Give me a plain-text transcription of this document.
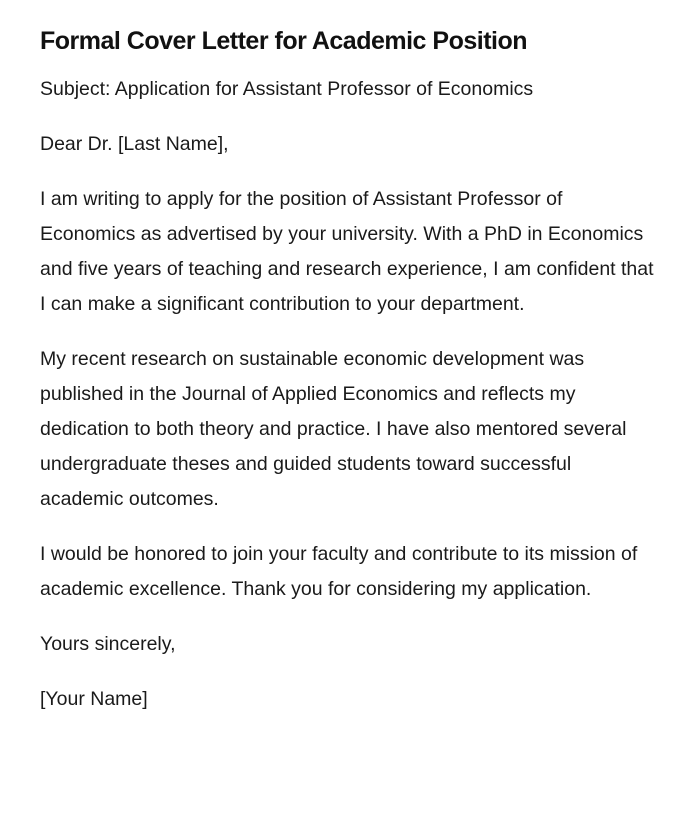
Formal Cover Letter for Academic Position

Subject: Application for Assistant Professor of Economics

Dear Dr. [Last Name],

I am writing to apply for the position of Assistant Professor of Economics as advertised by your university. With a PhD in Economics and five years of teaching and research experience, I am confident that I can make a significant contribution to your department.

My recent research on sustainable economic development was published in the Journal of Applied Economics and reflects my dedication to both theory and practice. I have also mentored several undergraduate theses and guided students toward successful academic outcomes.

I would be honored to join your faculty and contribute to its mission of academic excellence. Thank you for considering my application.

Yours sincerely,

[Your Name]
